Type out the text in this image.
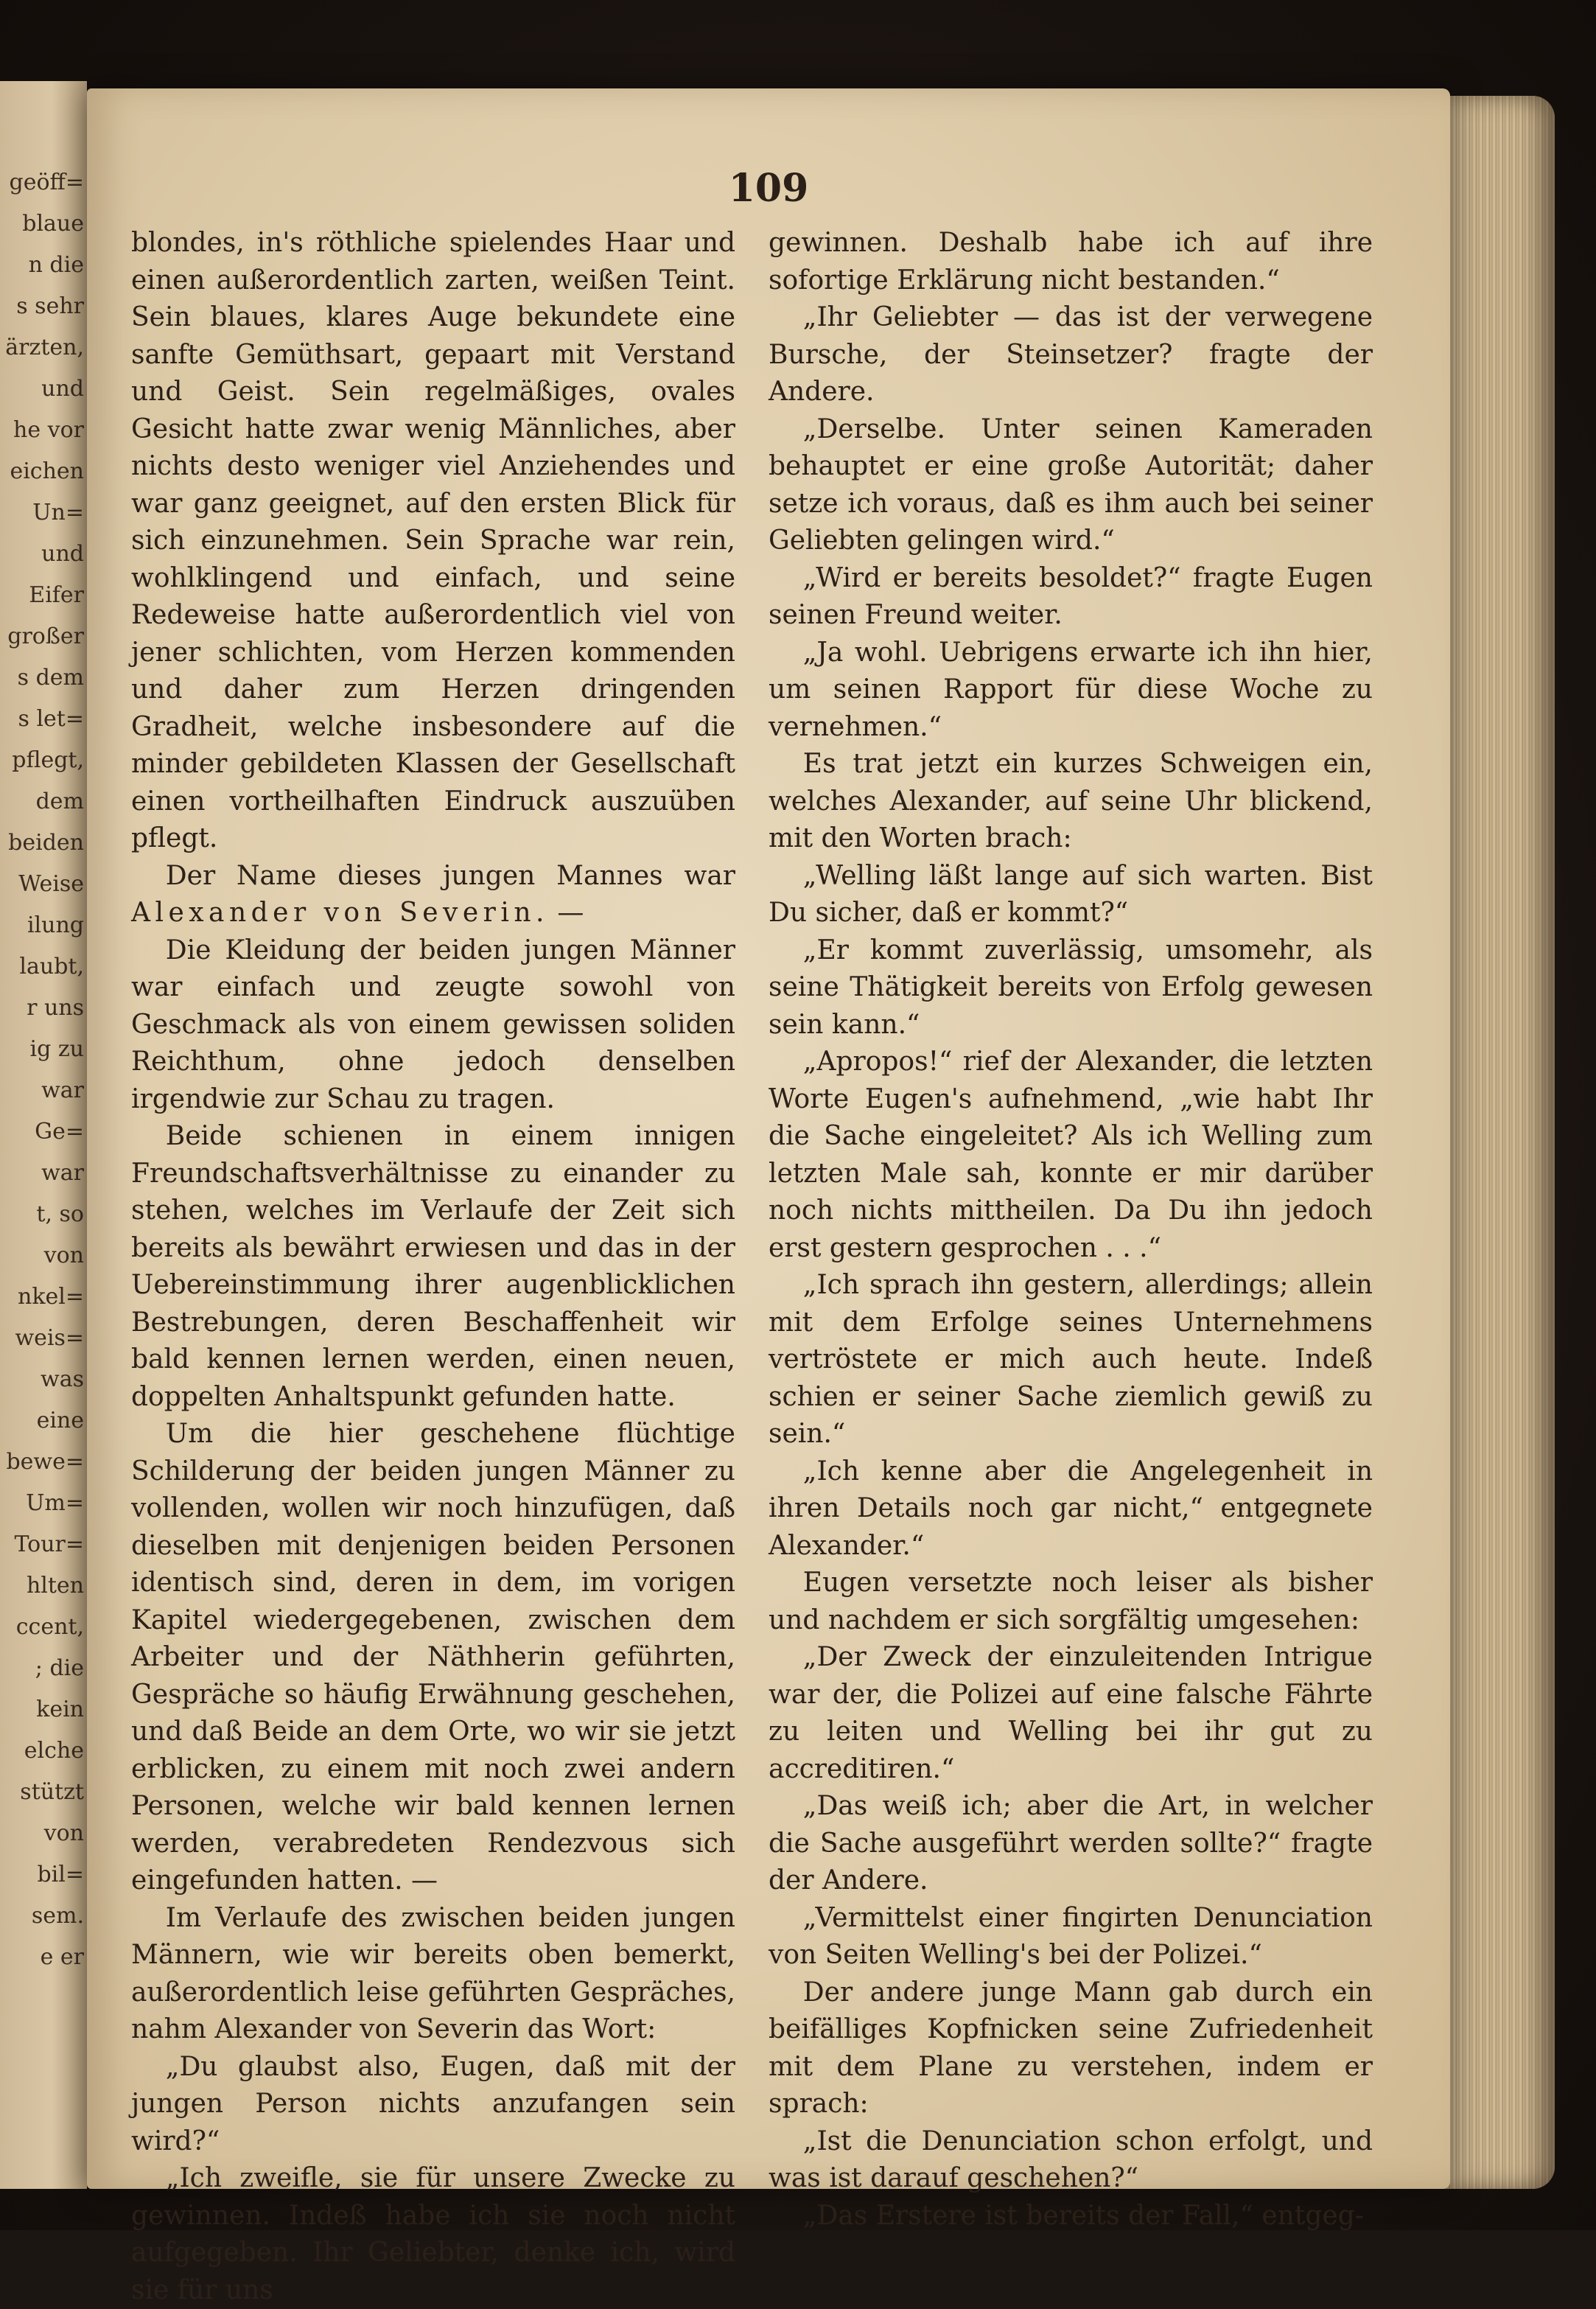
geöff=
blaue
n die
s sehr
ärzten,
und
he vor
eichen
Un=
und
Eifer
großer
s dem
s let=
pflegt,
dem
beiden
Weise
ilung
laubt,
r uns
ig zu
war
Ge=
war
t, so
von
nkel=
weis=
was
eine
bewe=
Um=
Tour=
hlten
ccent,
; die
kein
elche
stützt
von
bil=
sem.
e er
109

blondes, in's röthliche spielendes Haar und einen außerordentlich zarten, weißen Teint. Sein blaues, klares Auge bekundete eine sanfte Gemüthsart, gepaart mit Verstand und Geist. Sein regelmäßiges, ovales Gesicht hatte zwar wenig Männliches, aber nichts desto weniger viel Anziehendes und war ganz geeignet, auf den ersten Blick für sich einzunehmen. Sein Sprache war rein, wohlklingend und einfach, und seine Redeweise hatte außerordentlich viel von jener schlichten, vom Herzen kommenden und daher zum Herzen dringenden Gradheit, welche insbesondere auf die minder gebildeten Klassen der Gesellschaft einen vortheilhaften Eindruck auszuüben pflegt.

Der Name dieses jungen Mannes war Alexander von Severin. —

Die Kleidung der beiden jungen Männer war einfach und zeugte sowohl von Geschmack als von einem gewissen soliden Reichthum, ohne jedoch denselben irgendwie zur Schau zu tragen.

Beide schienen in einem innigen Freundschaftsverhältnisse zu einander zu stehen, welches im Verlaufe der Zeit sich bereits als bewährt erwiesen und das in der Uebereinstimmung ihrer augenblicklichen Bestrebungen, deren Beschaffenheit wir bald kennen lernen werden, einen neuen, doppelten Anhaltspunkt gefunden hatte.

Um die hier geschehene flüchtige Schilderung der beiden jungen Männer zu vollenden, wollen wir noch hinzufügen, daß dieselben mit denjenigen beiden Personen identisch sind, deren in dem, im vorigen Kapitel wiedergegebenen, zwischen dem Arbeiter und der Näthherin geführten, Gespräche so häufig Erwähnung geschehen, und daß Beide an dem Orte, wo wir sie jetzt erblicken, zu einem mit noch zwei andern Personen, welche wir bald kennen lernen werden, verabredeten Rendezvous sich eingefunden hatten. —

Im Verlaufe des zwischen beiden jungen Männern, wie wir bereits oben bemerkt, außerordentlich leise geführten Gespräches, nahm Alexander von Severin das Wort:

„Du glaubst also, Eugen, daß mit der jungen Person nichts anzufangen sein wird?“

„Ich zweifle, sie für unsere Zwecke zu gewinnen. Indeß habe ich sie noch nicht aufgegeben. Ihr Geliebter, denke ich, wird sie für uns

gewinnen. Deshalb habe ich auf ihre sofortige Erklärung nicht bestanden.“

„Ihr Geliebter — das ist der verwegene Bursche, der Steinsetzer? fragte der Andere.

„Derselbe. Unter seinen Kameraden behauptet er eine große Autorität; daher setze ich voraus, daß es ihm auch bei seiner Geliebten gelingen wird.“

„Wird er bereits besoldet?“ fragte Eugen seinen Freund weiter.

„Ja wohl. Uebrigens erwarte ich ihn hier, um seinen Rapport für diese Woche zu vernehmen.“

Es trat jetzt ein kurzes Schweigen ein, welches Alexander, auf seine Uhr blickend, mit den Worten brach:

„Welling läßt lange auf sich warten. Bist Du sicher, daß er kommt?“

„Er kommt zuverlässig, umsomehr, als seine Thätigkeit bereits von Erfolg gewesen sein kann.“

„Apropos!“ rief der Alexander, die letzten Worte Eugen's aufnehmend, „wie habt Ihr die Sache eingeleitet? Als ich Welling zum letzten Male sah, konnte er mir darüber noch nichts mittheilen. Da Du ihn jedoch erst gestern gesprochen . . .“

„Ich sprach ihn gestern, allerdings; allein mit dem Erfolge seines Unternehmens vertröstete er mich auch heute. Indeß schien er seiner Sache ziemlich gewiß zu sein.“

„Ich kenne aber die Angelegenheit in ihren Details noch gar nicht,“ entgegnete Alexander.“

Eugen versetzte noch leiser als bisher und nachdem er sich sorgfältig umgesehen:

„Der Zweck der einzuleitenden Intrigue war der, die Polizei auf eine falsche Fährte zu leiten und Welling bei ihr gut zu accreditiren.“

„Das weiß ich; aber die Art, in welcher die Sache ausgeführt werden sollte?“ fragte der Andere.

„Vermittelst einer fingirten Denunciation von Seiten Welling's bei der Polizei.“

Der andere junge Mann gab durch ein beifälliges Kopfnicken seine Zufriedenheit mit dem Plane zu verstehen, indem er sprach:

„Ist die Denunciation schon erfolgt, und was ist darauf geschehen?“

„Das Erstere ist bereits der Fall,“ entgeg-
